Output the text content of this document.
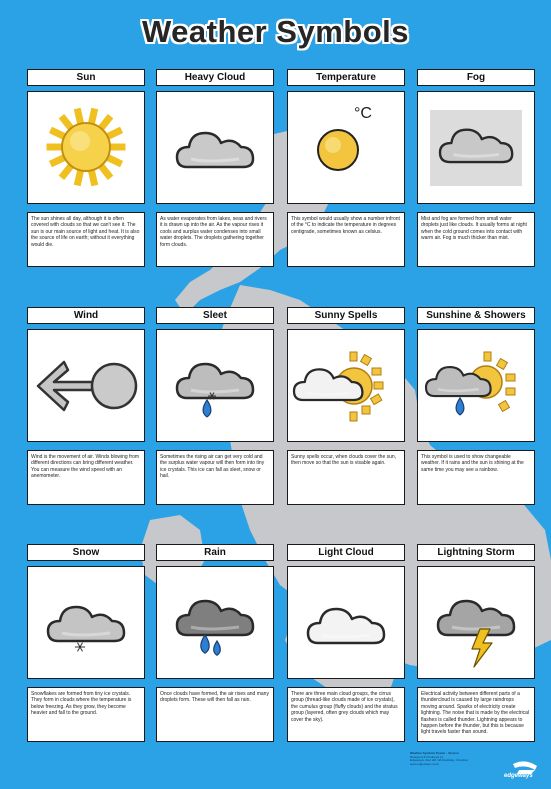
Weather Symbols
Sun
The sun shines all day, although it is often covered with clouds so that we can't see it. The sun is our main source of light and heat. It is also the source of life on earth; without it everything would die.
Heavy Cloud
As water evaporates from lakes, seas and rivers it is drawn up into the air. As the vapour rises it cools and surplus water condenses into small water droplets. The droplets gathering together form clouds.
Temperature
°C
This symbol would usually show a number infront of the °C to indicate the temperature in degrees centigrade, sometimes known as celsius.
Fog
Mist and fog are formed from small water droplets just like clouds. It usually forms at night when the cold ground comes into contact with warm air. Fog is much thicker than mist.
Wind
Wind is the movement of air. Winds blowing from different directions can bring different weather. You can measure the wind speed with an anemometer.
Sleet
Sometimes the rising air can get very cold and the surplus water vapour will then form into tiny ice crystals. This ice can fall as sleet, snow or hail.
Sunny Spells
Sunny spells occur, when clouds cover the sun, then move so that the sun is visable again.
Sunshine & Showers
This symbol is used to show changeable weather. If it rains and the sun is shining at the same time you may see a rainbow.
Snow
Snowflakes are formed from tiny ice crystals. They form in clouds where the temperature is below freezing. As they grow, they become heavier and fall to the ground.
Rain
Once clouds have formed, the air rises and many droplets form. These will then fall as rain.
Light Cloud
There are three main cloud groups, the cirrus group (thread-like clouds made of ice crystals), the cumulus group (fluffy clouds) and the stratus group (layered, often grey clouds which may cover the sky).
Lightning Storm
Electrical activity between different parts of a thundercloud is caused by large raindrops moving around. Sparks of electricity create lightning. The noise that is made by the electrical flashes is called thunder. Lightning appears to happen before the thunder, but this is because light travels faster than sound.
Weather Symbols Poster - Version
Designed & Produced by
Edgeways, Red Hill, Wimboldsley, Cheshire
www.edgeways.co.uk
edgeways
